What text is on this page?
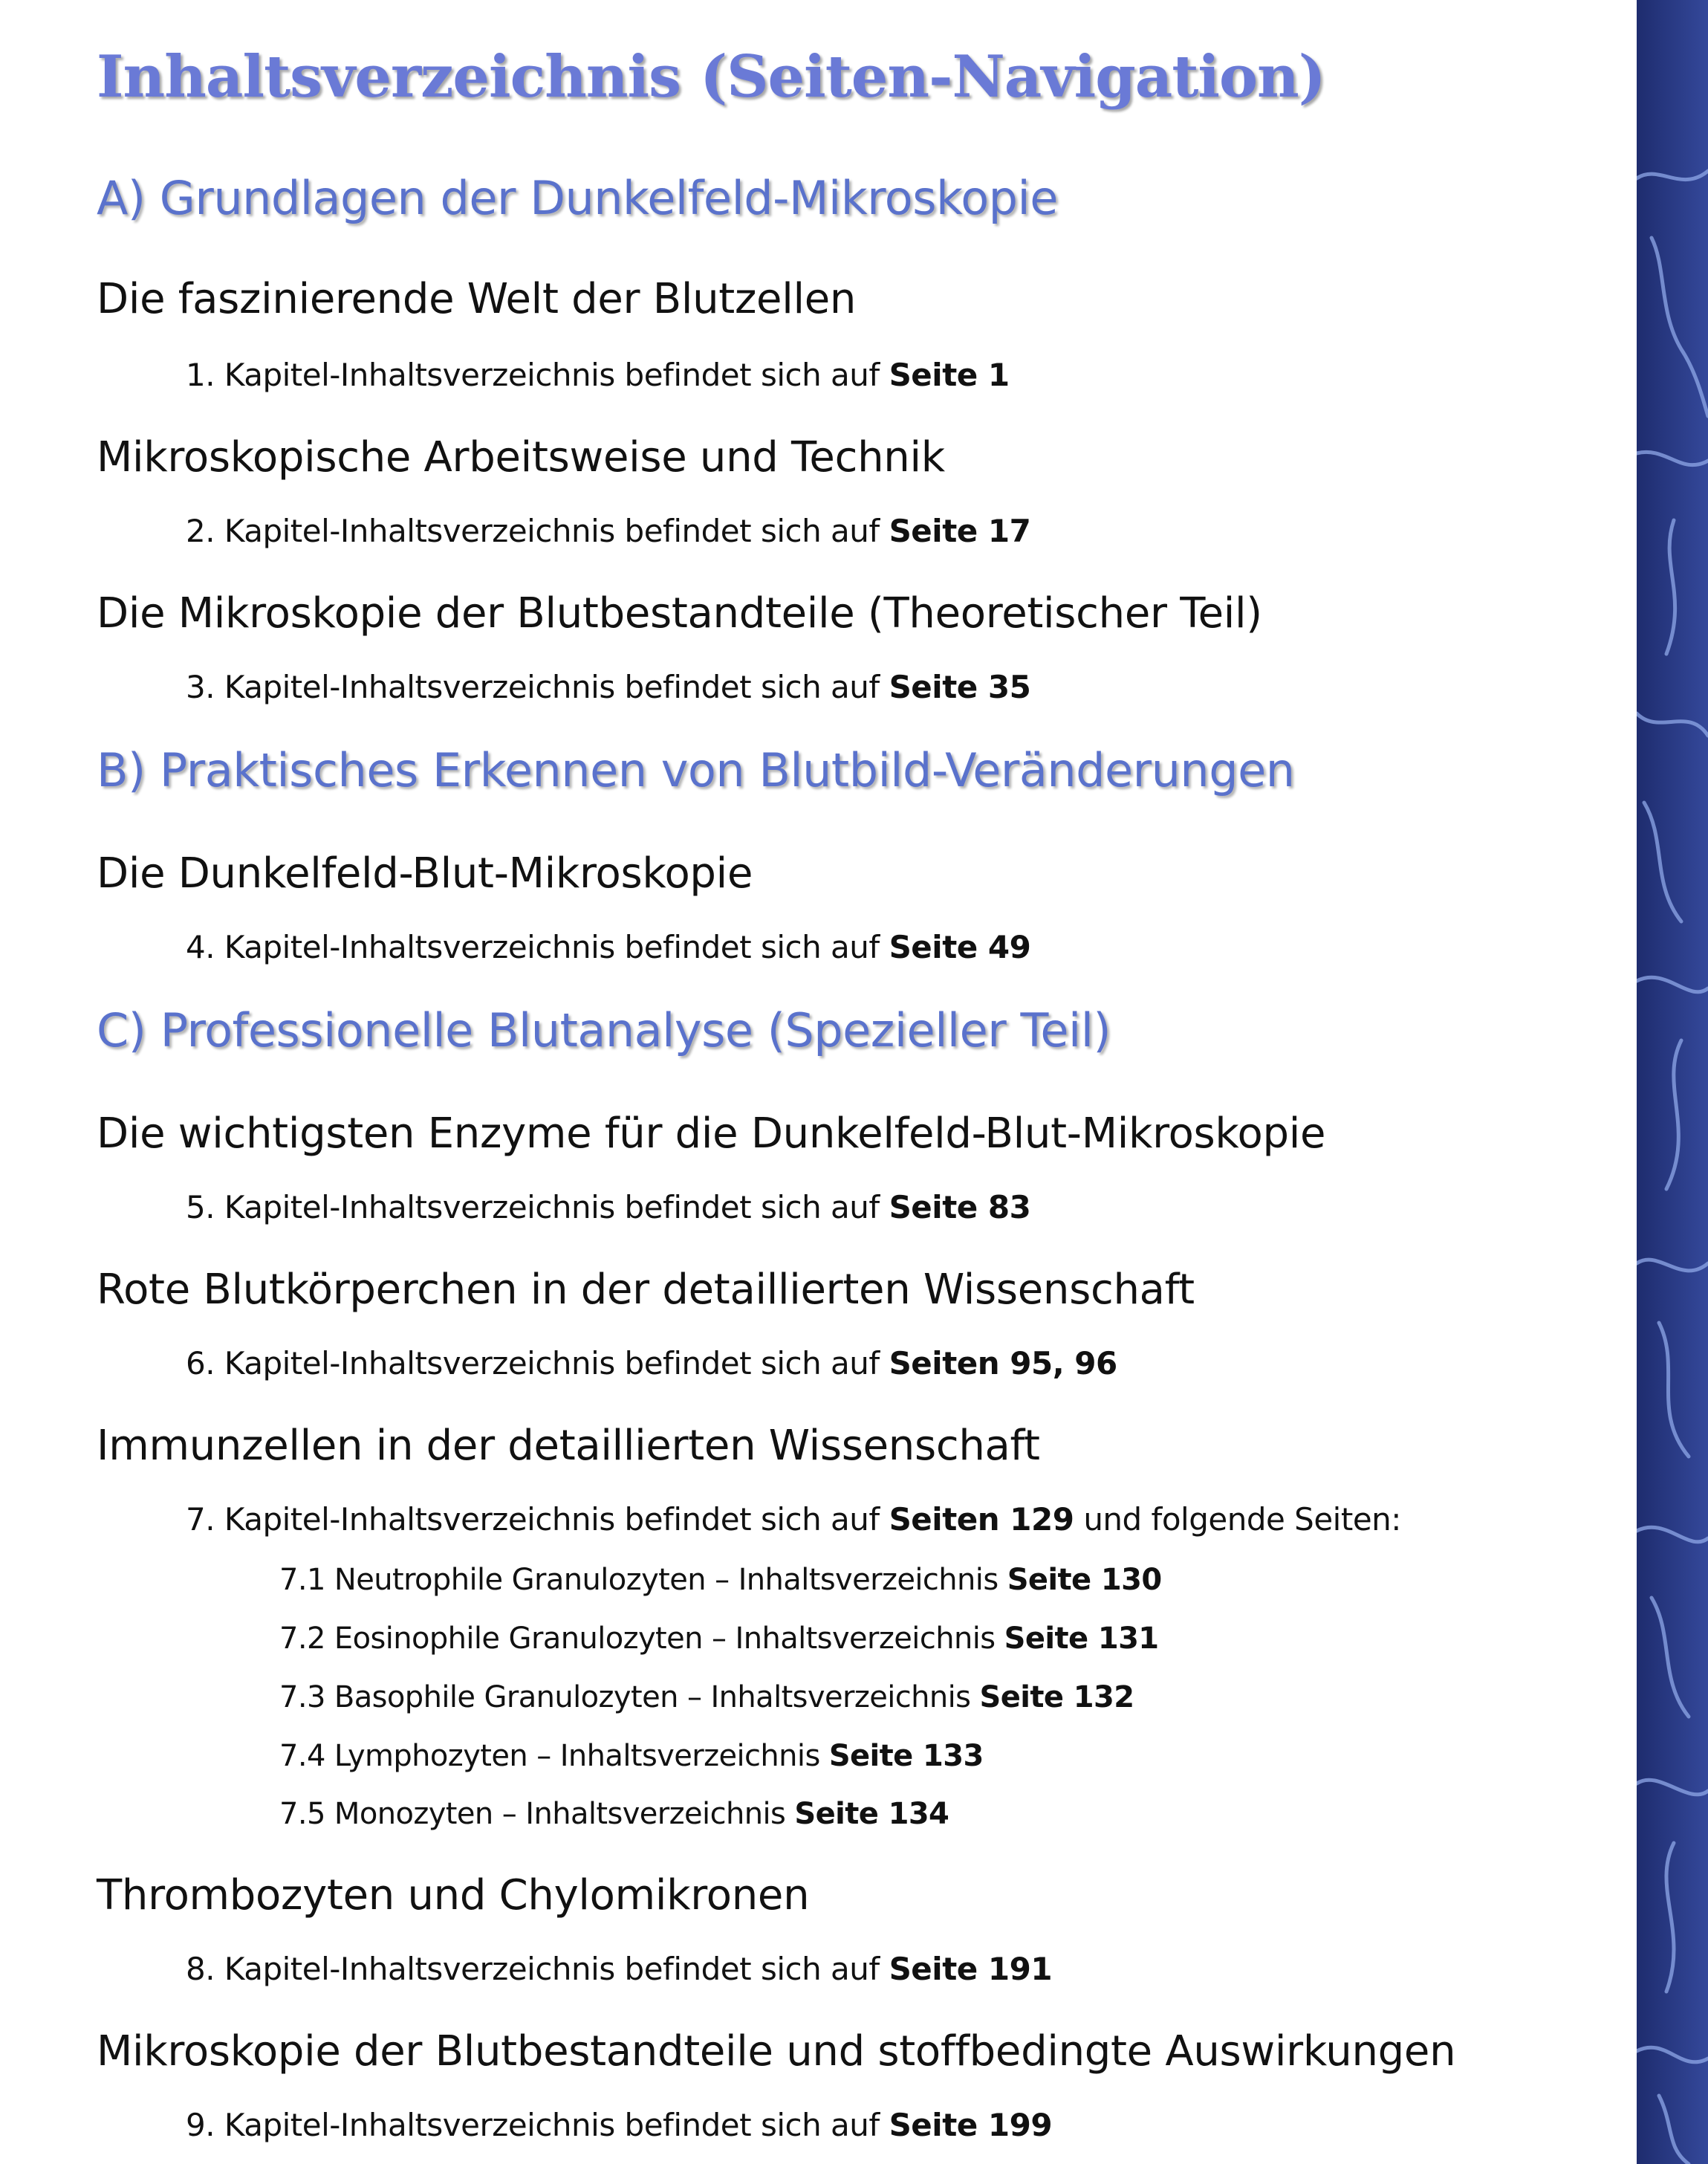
Inhaltsverzeichnis (Seiten-Navigation)
A) Grundlagen der Dunkelfeld-Mikroskopie
Die faszinierende Welt der Blutzellen
1. Kapitel-Inhaltsverzeichnis befindet sich auf Seite 1
Mikroskopische Arbeitsweise und Technik
2. Kapitel-Inhaltsverzeichnis befindet sich auf Seite 17
Die Mikroskopie der Blutbestandteile (Theoretischer Teil)
3. Kapitel-Inhaltsverzeichnis befindet sich auf Seite 35
B) Praktisches Erkennen von Blutbild-Veränderungen
Die Dunkelfeld-Blut-Mikroskopie
4. Kapitel-Inhaltsverzeichnis befindet sich auf Seite 49
C) Professionelle Blutanalyse (Spezieller Teil)
Die wichtigsten Enzyme für die Dunkelfeld-Blut-Mikroskopie
5. Kapitel-Inhaltsverzeichnis befindet sich auf Seite 83
Rote Blutkörperchen in der detaillierten Wissenschaft
6. Kapitel-Inhaltsverzeichnis befindet sich auf Seiten 95, 96
Immunzellen in der detaillierten Wissenschaft
7. Kapitel-Inhaltsverzeichnis befindet sich auf Seiten 129 und folgende Seiten:
7.1 Neutrophile Granulozyten – Inhaltsverzeichnis Seite 130
7.2 Eosinophile Granulozyten – Inhaltsverzeichnis Seite 131
7.3 Basophile Granulozyten – Inhaltsverzeichnis Seite 132
7.4 Lymphozyten – Inhaltsverzeichnis Seite 133
7.5 Monozyten – Inhaltsverzeichnis Seite 134
Thrombozyten und Chylomikronen
8. Kapitel-Inhaltsverzeichnis befindet sich auf Seite 191
Mikroskopie der Blutbestandteile und stoffbedingte Auswirkungen
9. Kapitel-Inhaltsverzeichnis befindet sich auf Seite 199
